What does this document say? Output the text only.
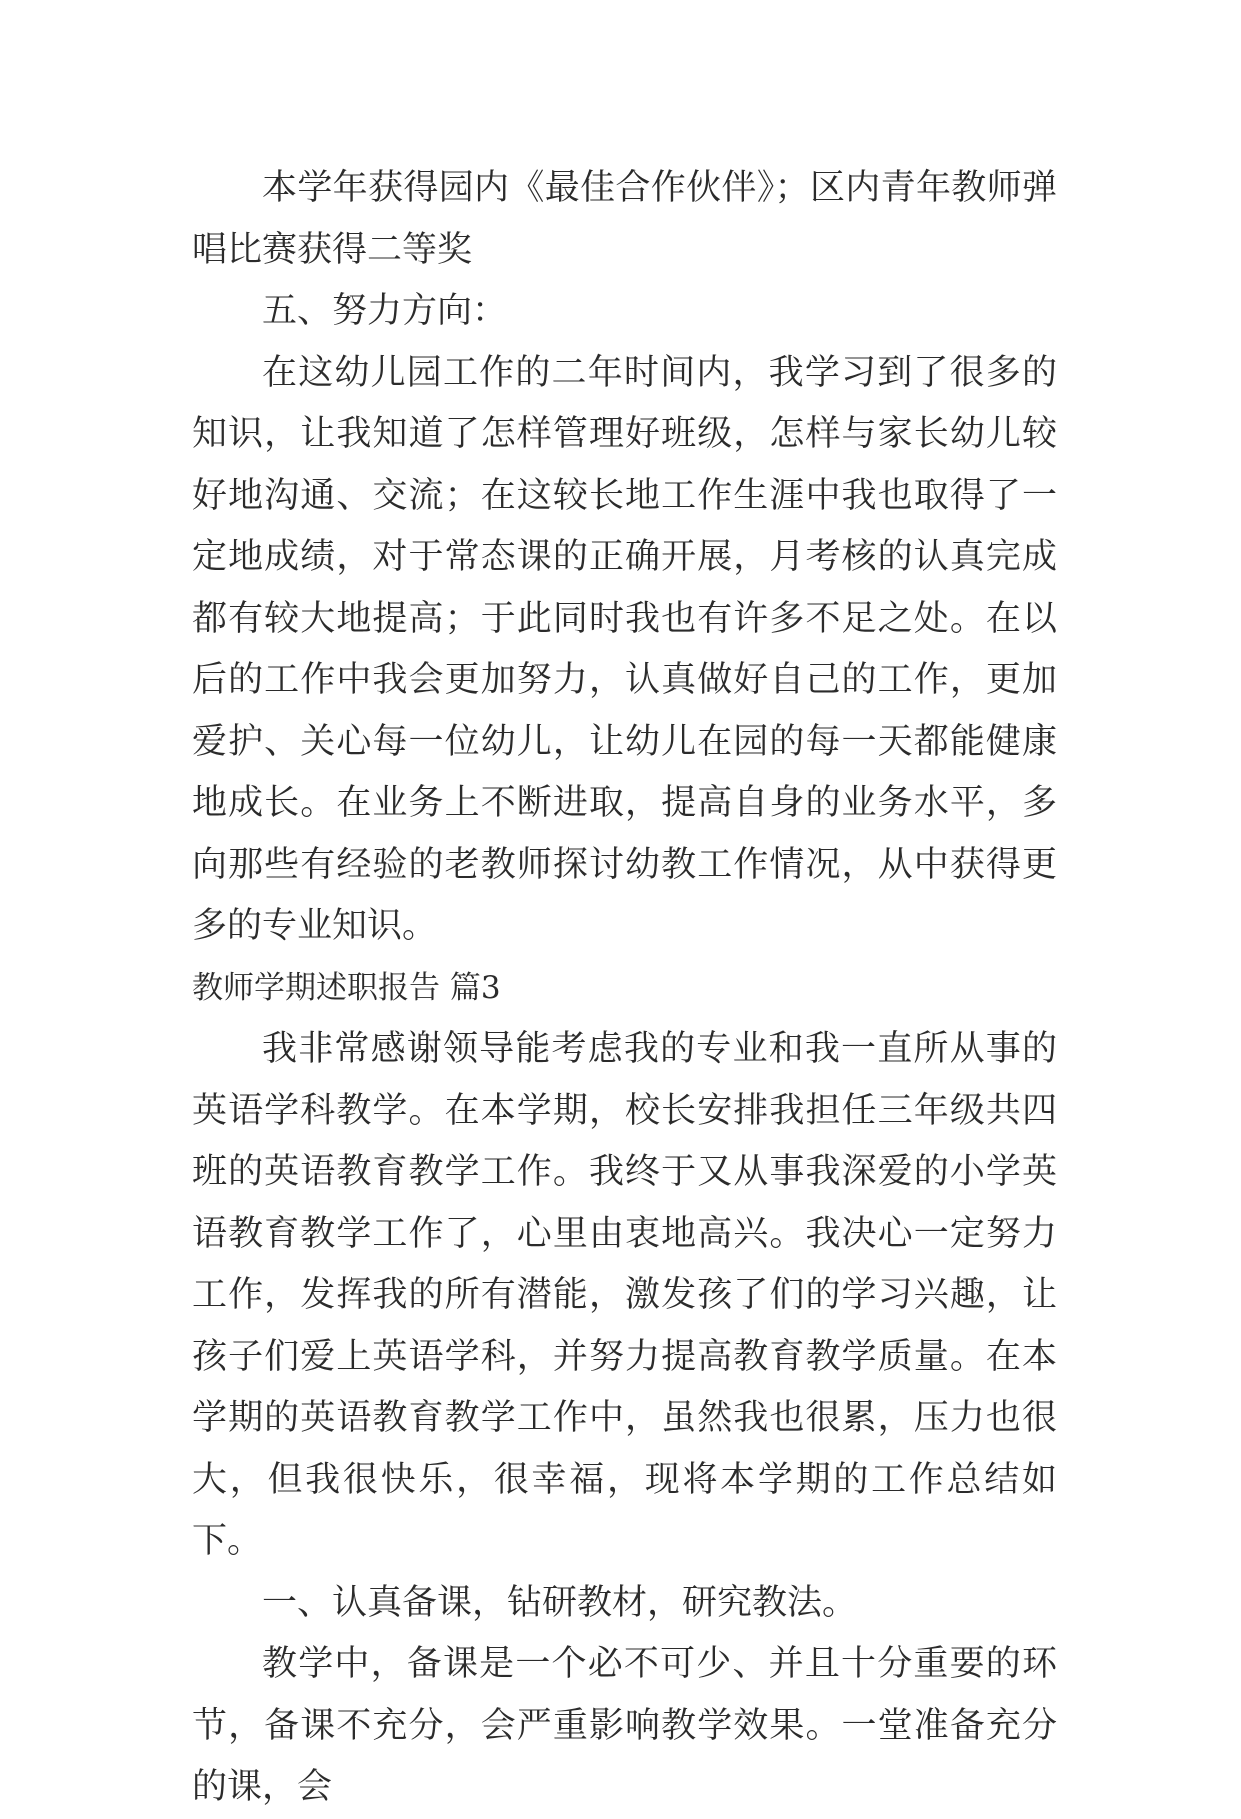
本学年获得园内《最佳合作伙伴》；区内青年教师弹唱比赛获得二等奖

五、努力方向：

在这幼儿园工作的二年时间内，我学习到了很多的知识，让我知道了怎样管理好班级，怎样与家长幼儿较好地沟通、交流；在这较长地工作生涯中我也取得了一定地成绩，对于常态课的正确开展，月考核的认真完成都有较大地提高；于此同时我也有许多不足之处。在以后的工作中我会更加努力，认真做好自己的工作，更加爱护、关心每一位幼儿，让幼儿在园的每一天都能健康地成长。在业务上不断进取，提高自身的业务水平，多向那些有经验的老教师探讨幼教工作情况，从中获得更多的专业知识。

教师学期述职报告 篇3

我非常感谢领导能考虑我的专业和我一直所从事的英语学科教学。在本学期，校长安排我担任三年级共四班的英语教育教学工作。我终于又从事我深爱的小学英语教育教学工作了，心里由衷地高兴。我决心一定努力工作，发挥我的所有潜能，激发孩了们的学习兴趣，让孩子们爱上英语学科，并努力提高教育教学质量。在本学期的英语教育教学工作中，虽然我也很累，压力也很大，但我很快乐，很幸福，现将本学期的工作总结如下。

一、认真备课，钻研教材，研究教法。

教学中，备课是一个必不可少、并且十分重要的环节，备课不充分，会严重影响教学效果。一堂准备充分的课，会
